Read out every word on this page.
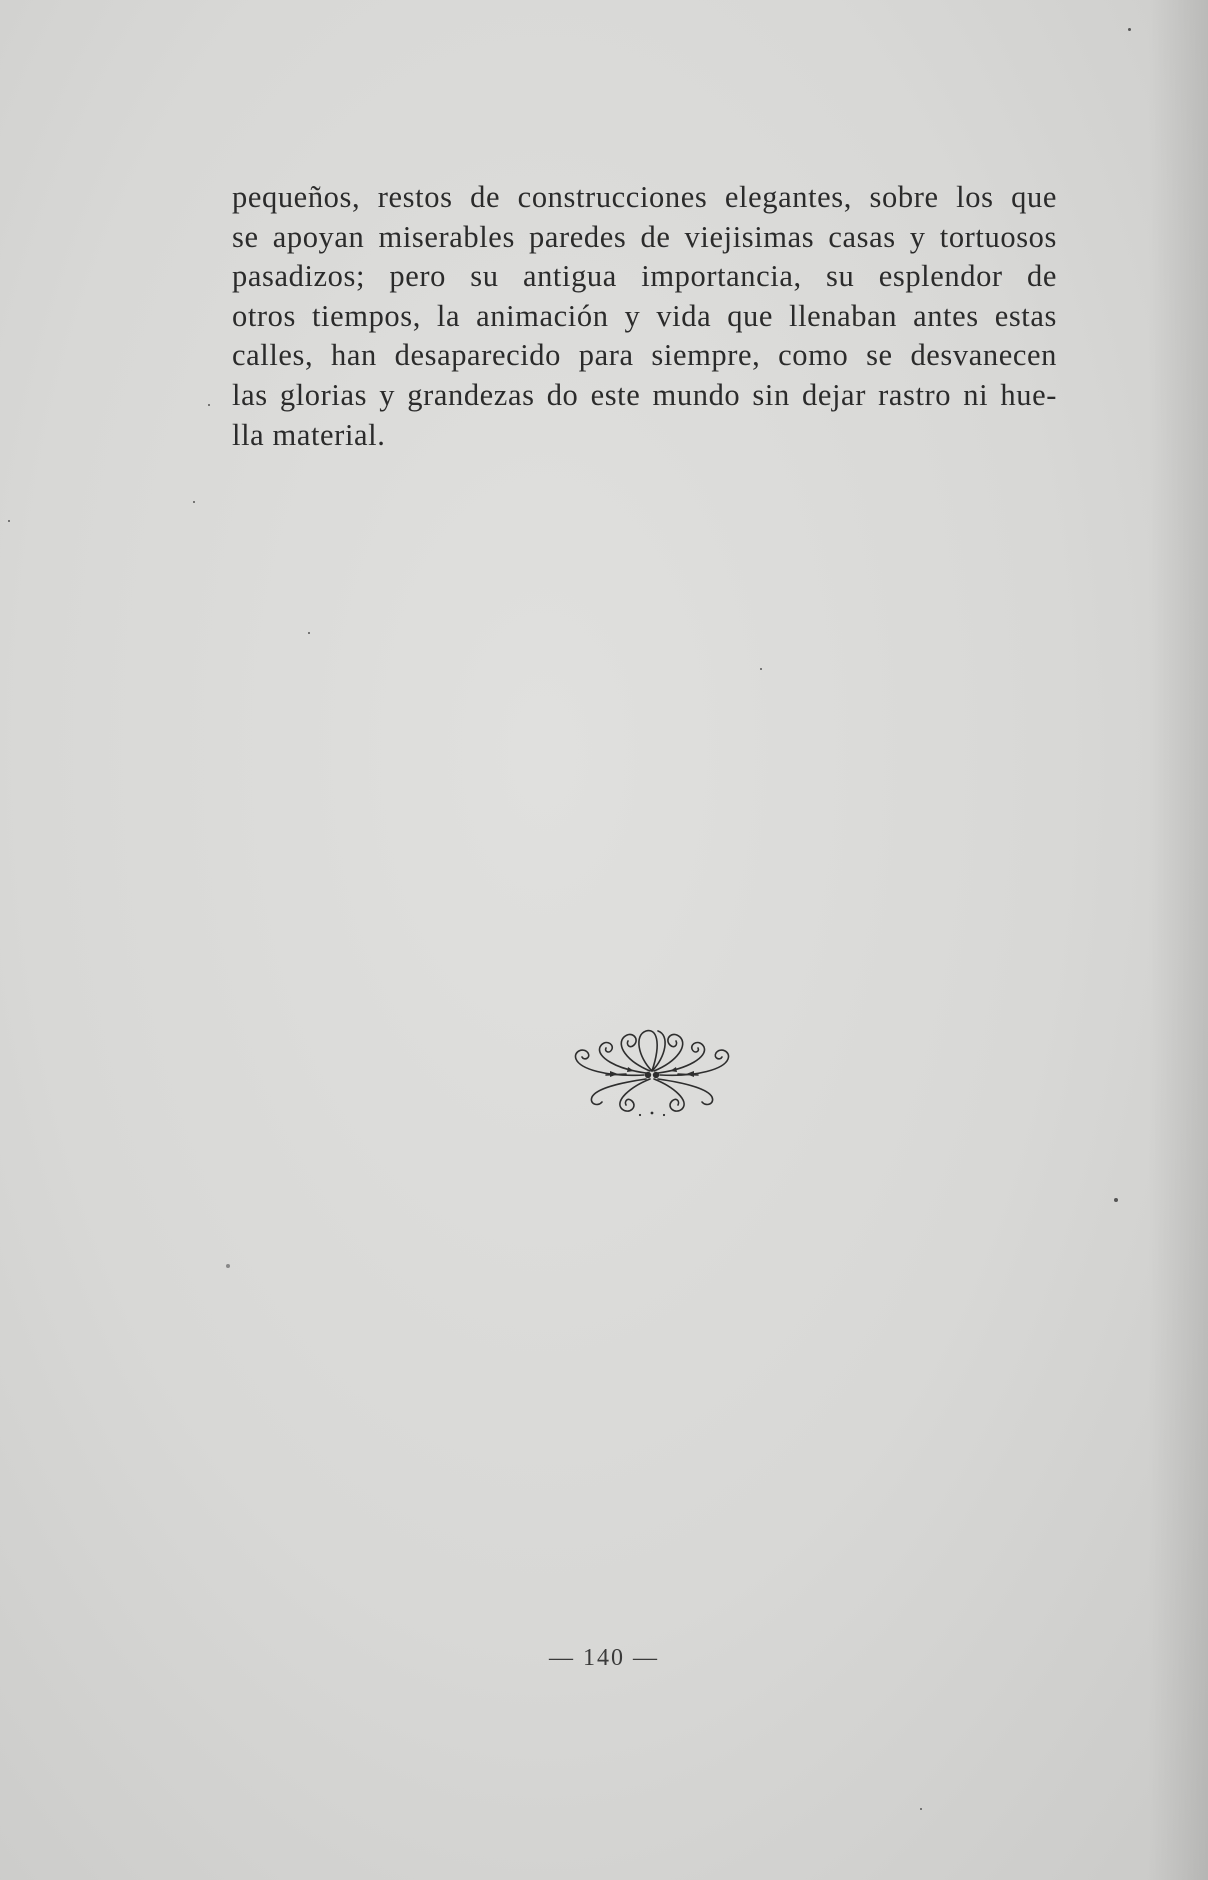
pequeños, restos de construcciones elegantes, sobre los que
se apoyan miserables paredes de viejisimas casas y tortuosos
pasadizos; pero su antigua importancia, su esplendor de
otros tiempos, la animación y vida que llenaban antes estas
calles, han desaparecido para siempre, como se desvanecen
las glorias y grandezas do este mundo sin dejar rastro ni hue-
lla material.
— 140 —
